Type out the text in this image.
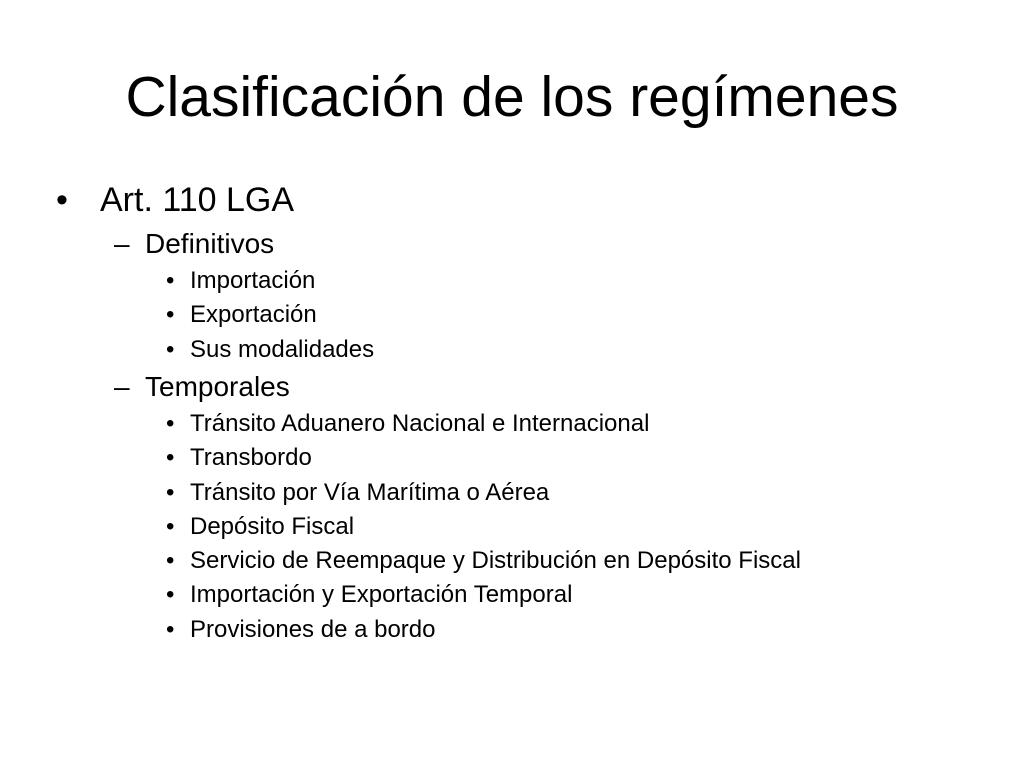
Clasificación de los regímenes
• Art. 110 LGA
– Definitivos
• Importación
• Exportación
• Sus modalidades
– Temporales
• Tránsito Aduanero Nacional e Internacional
• Transbordo
• Tránsito por Vía Marítima o Aérea
• Depósito Fiscal
• Servicio de Reempaque y Distribución en Depósito Fiscal
• Importación y Exportación Temporal
• Provisiones de a bordo
